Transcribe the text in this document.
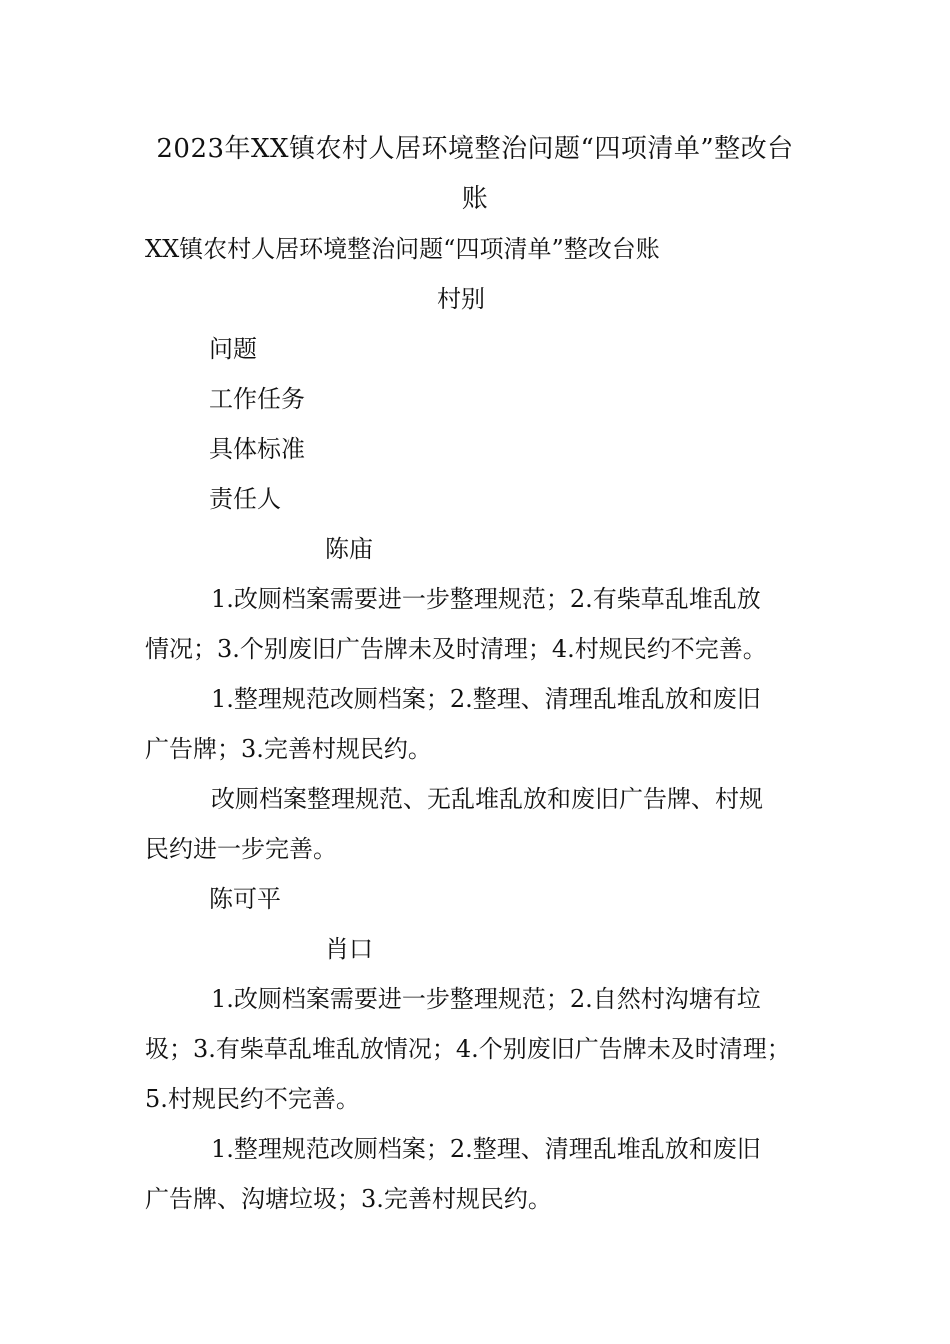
2023年XX镇农村人居环境整治问题“四项清单”整改台
账
XX镇农村人居环境整治问题“四项清单”整改台账
村别
问题
工作任务
具体标准
责任人
陈庙
1.改厕档案需要进一步整理规范；2.有柴草乱堆乱放
情况；3.个别废旧广告牌未及时清理；4.村规民约不完善。
1.整理规范改厕档案；2.整理、清理乱堆乱放和废旧
广告牌；3.完善村规民约。
改厕档案整理规范、无乱堆乱放和废旧广告牌、村规
民约进一步完善。
陈可平
肖口
1.改厕档案需要进一步整理规范；2.自然村沟塘有垃
圾；3.有柴草乱堆乱放情况；4.个别废旧广告牌未及时清理；
5.村规民约不完善。
1.整理规范改厕档案；2.整理、清理乱堆乱放和废旧
广告牌、沟塘垃圾；3.完善村规民约。
